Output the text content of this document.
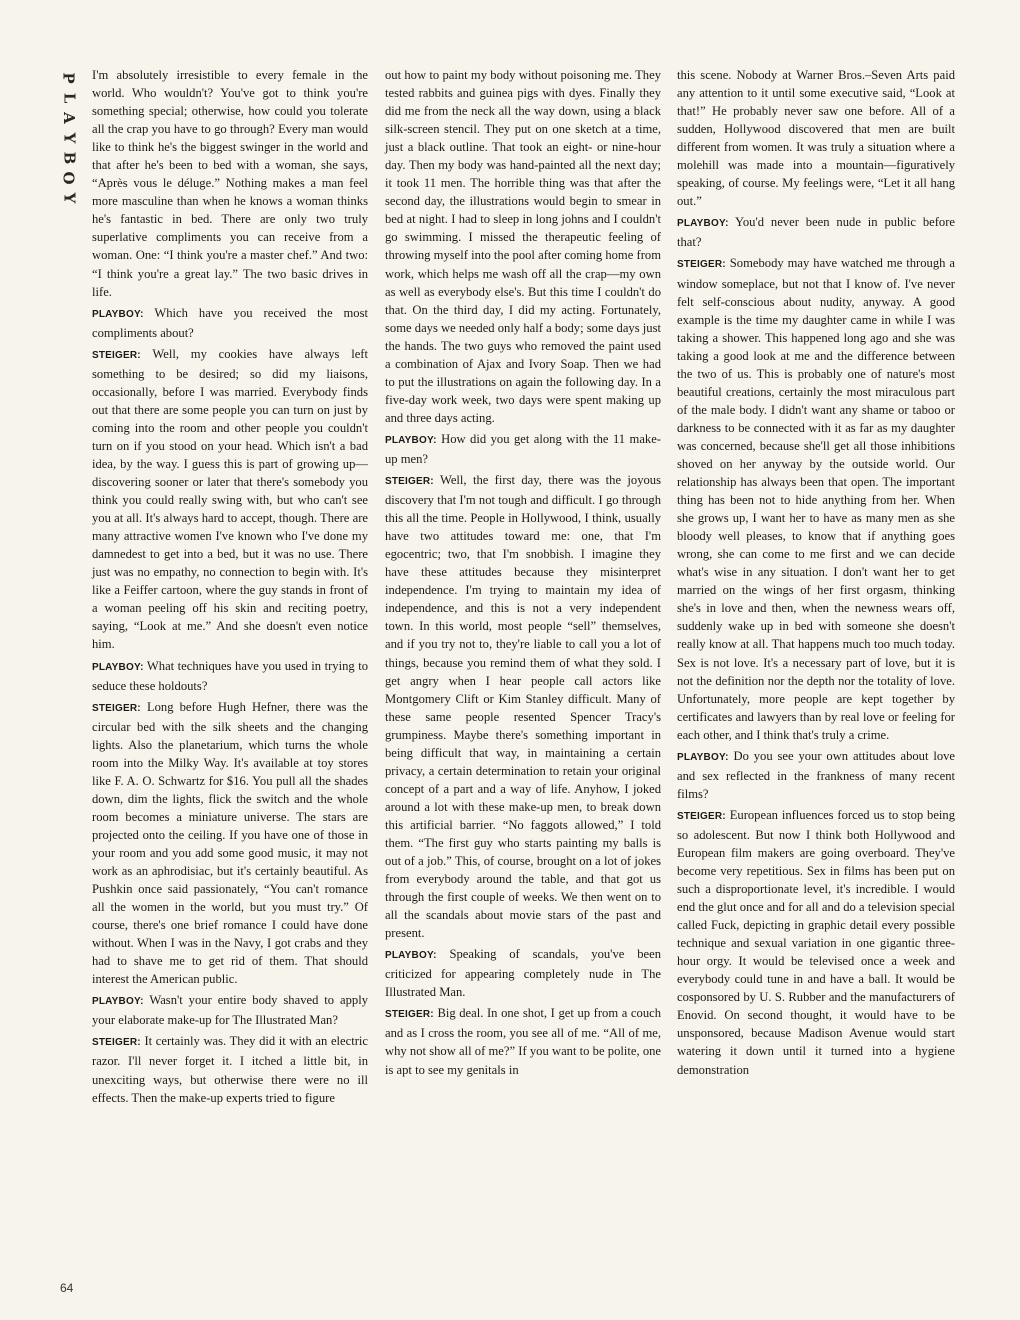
P
L
A
Y
B
O
Y

I'm absolutely irresistible to every female in the world. Who wouldn't? You've got to think you're something special; otherwise, how could you tolerate all the crap you have to go through? Every man would like to think he's the biggest swinger in the world and that after he's been to bed with a woman, she says, “Après vous le déluge.” Nothing makes a man feel more masculine than when he knows a woman thinks he's fantastic in bed. There are only two truly superlative compliments you can receive from a woman. One: “I think you're a master chef.” And two: “I think you're a great lay.” The two basic drives in life.

PLAYBOY: Which have you received the most compliments about?

STEIGER: Well, my cookies have always left something to be desired; so did my liaisons, occasionally, before I was married. Everybody finds out that there are some people you can turn on just by coming into the room and other people you couldn't turn on if you stood on your head. Which isn't a bad idea, by the way. I guess this is part of growing up—discovering sooner or later that there's somebody you think you could really swing with, but who can't see you at all. It's always hard to accept, though. There are many attractive women I've known who I've done my damnedest to get into a bed, but it was no use. There just was no empathy, no connection to begin with. It's like a Feiffer cartoon, where the guy stands in front of a woman peeling off his skin and reciting poetry, saying, “Look at me.” And she doesn't even notice him.

PLAYBOY: What techniques have you used in trying to seduce these holdouts?

STEIGER: Long before Hugh Hefner, there was the circular bed with the silk sheets and the changing lights. Also the planetarium, which turns the whole room into the Milky Way. It's available at toy stores like F. A. O. Schwartz for $16. You pull all the shades down, dim the lights, flick the switch and the whole room becomes a miniature universe. The stars are projected onto the ceiling. If you have one of those in your room and you add some good music, it may not work as an aphrodisiac, but it's certainly beautiful. As Pushkin once said passionately, “You can't romance all the women in the world, but you must try.” Of course, there's one brief romance I could have done without. When I was in the Navy, I got crabs and they had to shave me to get rid of them. That should interest the American public.

PLAYBOY: Wasn't your entire body shaved to apply your elaborate make-up for The Illustrated Man?

STEIGER: It certainly was. They did it with an electric razor. I'll never forget it. I itched a little bit, in unexciting ways, but otherwise there were no ill effects. Then the make-up experts tried to figure

out how to paint my body without poisoning me. They tested rabbits and guinea pigs with dyes. Finally they did me from the neck all the way down, using a black silk-screen stencil. They put on one sketch at a time, just a black outline. That took an eight- or nine-hour day. Then my body was hand-painted all the next day; it took 11 men. The horrible thing was that after the second day, the illustrations would begin to smear in bed at night. I had to sleep in long johns and I couldn't go swimming. I missed the therapeutic feeling of throwing myself into the pool after coming home from work, which helps me wash off all the crap—my own as well as everybody else's. But this time I couldn't do that. On the third day, I did my acting. Fortunately, some days we needed only half a body; some days just the hands. The two guys who removed the paint used a combination of Ajax and Ivory Soap. Then we had to put the illustrations on again the following day. In a five-day work week, two days were spent making up and three days acting.

PLAYBOY: How did you get along with the 11 make-up men?

STEIGER: Well, the first day, there was the joyous discovery that I'm not tough and difficult. I go through this all the time. People in Hollywood, I think, usually have two attitudes toward me: one, that I'm egocentric; two, that I'm snobbish. I imagine they have these attitudes because they misinterpret independence. I'm trying to maintain my idea of independence, and this is not a very independent town. In this world, most people “sell” themselves, and if you try not to, they're liable to call you a lot of things, because you remind them of what they sold. I get angry when I hear people call actors like Montgomery Clift or Kim Stanley difficult. Many of these same people resented Spencer Tracy's grumpiness. Maybe there's something important in being difficult that way, in maintaining a certain privacy, a certain determination to retain your original concept of a part and a way of life. Anyhow, I joked around a lot with these make-up men, to break down this artificial barrier. “No faggots allowed,” I told them. “The first guy who starts painting my balls is out of a job.” This, of course, brought on a lot of jokes from everybody around the table, and that got us through the first couple of weeks. We then went on to all the scandals about movie stars of the past and present.

PLAYBOY: Speaking of scandals, you've been criticized for appearing completely nude in The Illustrated Man.

STEIGER: Big deal. In one shot, I get up from a couch and as I cross the room, you see all of me. “All of me, why not show all of me?” If you want to be polite, one is apt to see my genitals in

this scene. Nobody at Warner Bros.–Seven Arts paid any attention to it until some executive said, “Look at that!” He probably never saw one before. All of a sudden, Hollywood discovered that men are built different from women. It was truly a situation where a molehill was made into a mountain—figuratively speaking, of course. My feelings were, “Let it all hang out.”

PLAYBOY: You'd never been nude in public before that?

STEIGER: Somebody may have watched me through a window someplace, but not that I know of. I've never felt self-conscious about nudity, anyway. A good example is the time my daughter came in while I was taking a shower. This happened long ago and she was taking a good look at me and the difference between the two of us. This is probably one of nature's most beautiful creations, certainly the most miraculous part of the male body. I didn't want any shame or taboo or darkness to be connected with it as far as my daughter was concerned, because she'll get all those inhibitions shoved on her anyway by the outside world. Our relationship has always been that open. The important thing has been not to hide anything from her. When she grows up, I want her to have as many men as she bloody well pleases, to know that if anything goes wrong, she can come to me first and we can decide what's wise in any situation. I don't want her to get married on the wings of her first orgasm, thinking she's in love and then, when the newness wears off, suddenly wake up in bed with someone she doesn't really know at all. That happens much too much today. Sex is not love. It's a necessary part of love, but it is not the definition nor the depth nor the totality of love. Unfortunately, more people are kept together by certificates and lawyers than by real love or feeling for each other, and I think that's truly a crime.

PLAYBOY: Do you see your own attitudes about love and sex reflected in the frankness of many recent films?

STEIGER: European influences forced us to stop being so adolescent. But now I think both Hollywood and European film makers are going overboard. They've become very repetitious. Sex in films has been put on such a disproportionate level, it's incredible. I would end the glut once and for all and do a television special called Fuck, depicting in graphic detail every possible technique and sexual variation in one gigantic three-hour orgy. It would be televised once a week and everybody could tune in and have a ball. It would be cosponsored by U. S. Rubber and the manufacturers of Enovid. On second thought, it would have to be unsponsored, because Madison Avenue would start watering it down until it turned into a hygiene demonstration

64
